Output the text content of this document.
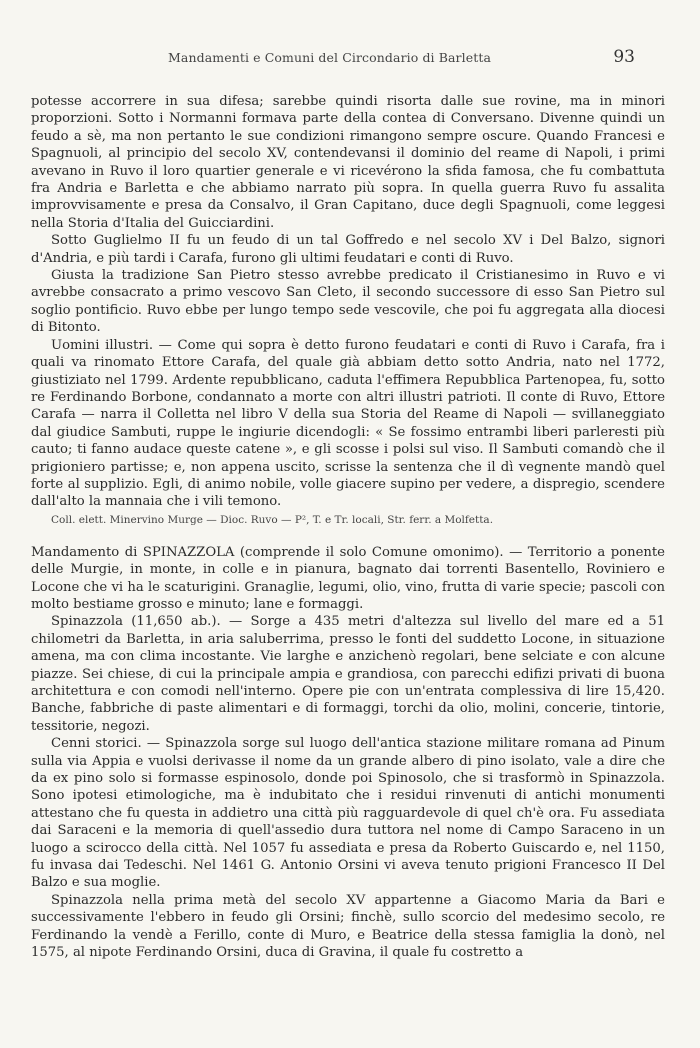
Mandamenti e Comuni del Circondario di Barletta	93

potesse accorrere in sua difesa; sarebbe quindi risorta dalle sue rovine, ma in minori proporzioni. Sotto i Normanni formava parte della contea di Conversano. Divenne quindi un feudo a sè, ma non pertanto le sue condizioni rimangono sempre oscure. Quando Francesi e Spagnuoli, al principio del secolo XV, contendevansi il dominio del reame di Napoli, i primi avevano in Ruvo il loro quartier generale e vi ricevérono la sfida famosa, che fu combattuta fra Andria e Barletta e che abbiamo narrato più sopra. In quella guerra Ruvo fu assalita improvvisamente e presa da Consalvo, il Gran Capitano, duce degli Spagnuoli, come leggesi nella Storia d'Italia del Guicciardini.

Sotto Guglielmo II fu un feudo di un tal Goffredo e nel secolo XV i Del Balzo, signori d'Andria, e più tardi i Carafa, furono gli ultimi feudatari e conti di Ruvo.

Giusta la tradizione San Pietro stesso avrebbe predicato il Cristianesimo in Ruvo e vi avrebbe consacrato a primo vescovo San Cleto, il secondo successore di esso San Pietro sul soglio pontificio. Ruvo ebbe per lungo tempo sede vescovile, che poi fu aggregata alla diocesi di Bitonto.

Uomini illustri. — Come qui sopra è detto furono feudatari e conti di Ruvo i Carafa, fra i quali va rinomato Ettore Carafa, del quale già abbiam detto sotto Andria, nato nel 1772, giustiziato nel 1799. Ardente repubblicano, caduta l'effimera Repubblica Partenopea, fu, sotto re Ferdinando Borbone, condannato a morte con altri illustri patrioti. Il conte di Ruvo, Ettore Carafa — narra il Colletta nel libro V della sua Storia del Reame di Napoli — svillaneggiato dal giudice Sambuti, ruppe le ingiurie dicendogli: « Se fossimo entrambi liberi parleresti più cauto; ti fanno audace queste catene », e gli scosse i polsi sul viso. Il Sambuti comandò che il prigioniero partisse; e, non appena uscito, scrisse la sentenza che il dì vegnente mandò quel forte al supplizio. Egli, di animo nobile, volle giacere supino per vedere, a dispregio, scendere dall'alto la mannaia che i vili temono.

Coll. elett. Minervino Murge — Dioc. Ruvo — P², T. e Tr. locali, Str. ferr. a Molfetta.

Mandamento di SPINAZZOLA (comprende il solo Comune omonimo). — Territorio a ponente delle Murgie, in monte, in colle e in pianura, bagnato dai torrenti Basentello, Roviniero e Locone che vi ha le scaturigini. Granaglie, legumi, olio, vino, frutta di varie specie; pascoli con molto bestiame grosso e minuto; lane e formaggi.

Spinazzola (11,650 ab.). — Sorge a 435 metri d'altezza sul livello del mare ed a 51 chilometri da Barletta, in aria saluberrima, presso le fonti del suddetto Locone, in situazione amena, ma con clima incostante. Vie larghe e anzichenò regolari, bene selciate e con alcune piazze. Sei chiese, di cui la principale ampia e grandiosa, con parecchi edifizi privati di buona architettura e con comodi nell'interno. Opere pie con un'entrata complessiva di lire 15,420. Banche, fabbriche di paste alimentari e di formaggi, torchi da olio, molini, concerie, tintorie, tessitorie, negozi.

Cenni storici. — Spinazzola sorge sul luogo dell'antica stazione militare romana ad Pinum sulla via Appia e vuolsi derivasse il nome da un grande albero di pino isolato, vale a dire che da ex pino solo si formasse espinosolo, donde poi Spinosolo, che si trasformò in Spinazzola. Sono ipotesi etimologiche, ma è indubitato che i residui rinvenuti di antichi monumenti attestano che fu questa in addietro una città più ragguardevole di quel ch'è ora. Fu assediata dai Saraceni e la memoria di quell'assedio dura tuttora nel nome di Campo Saraceno in un luogo a scirocco della città. Nel 1057 fu assediata e presa da Roberto Guiscardo e, nel 1150, fu invasa dai Tedeschi. Nel 1461 G. Antonio Orsini vi aveva tenuto prigioni Francesco II Del Balzo e sua moglie.

Spinazzola nella prima metà del secolo XV appartenne a Giacomo Maria da Bari e successivamente l'ebbero in feudo gli Orsini; finchè, sullo scorcio del medesimo secolo, re Ferdinando la vendè a Ferillo, conte di Muro, e Beatrice della stessa famiglia la donò, nel 1575, al nipote Ferdinando Orsini, duca di Gravina, il quale fu costretto a
